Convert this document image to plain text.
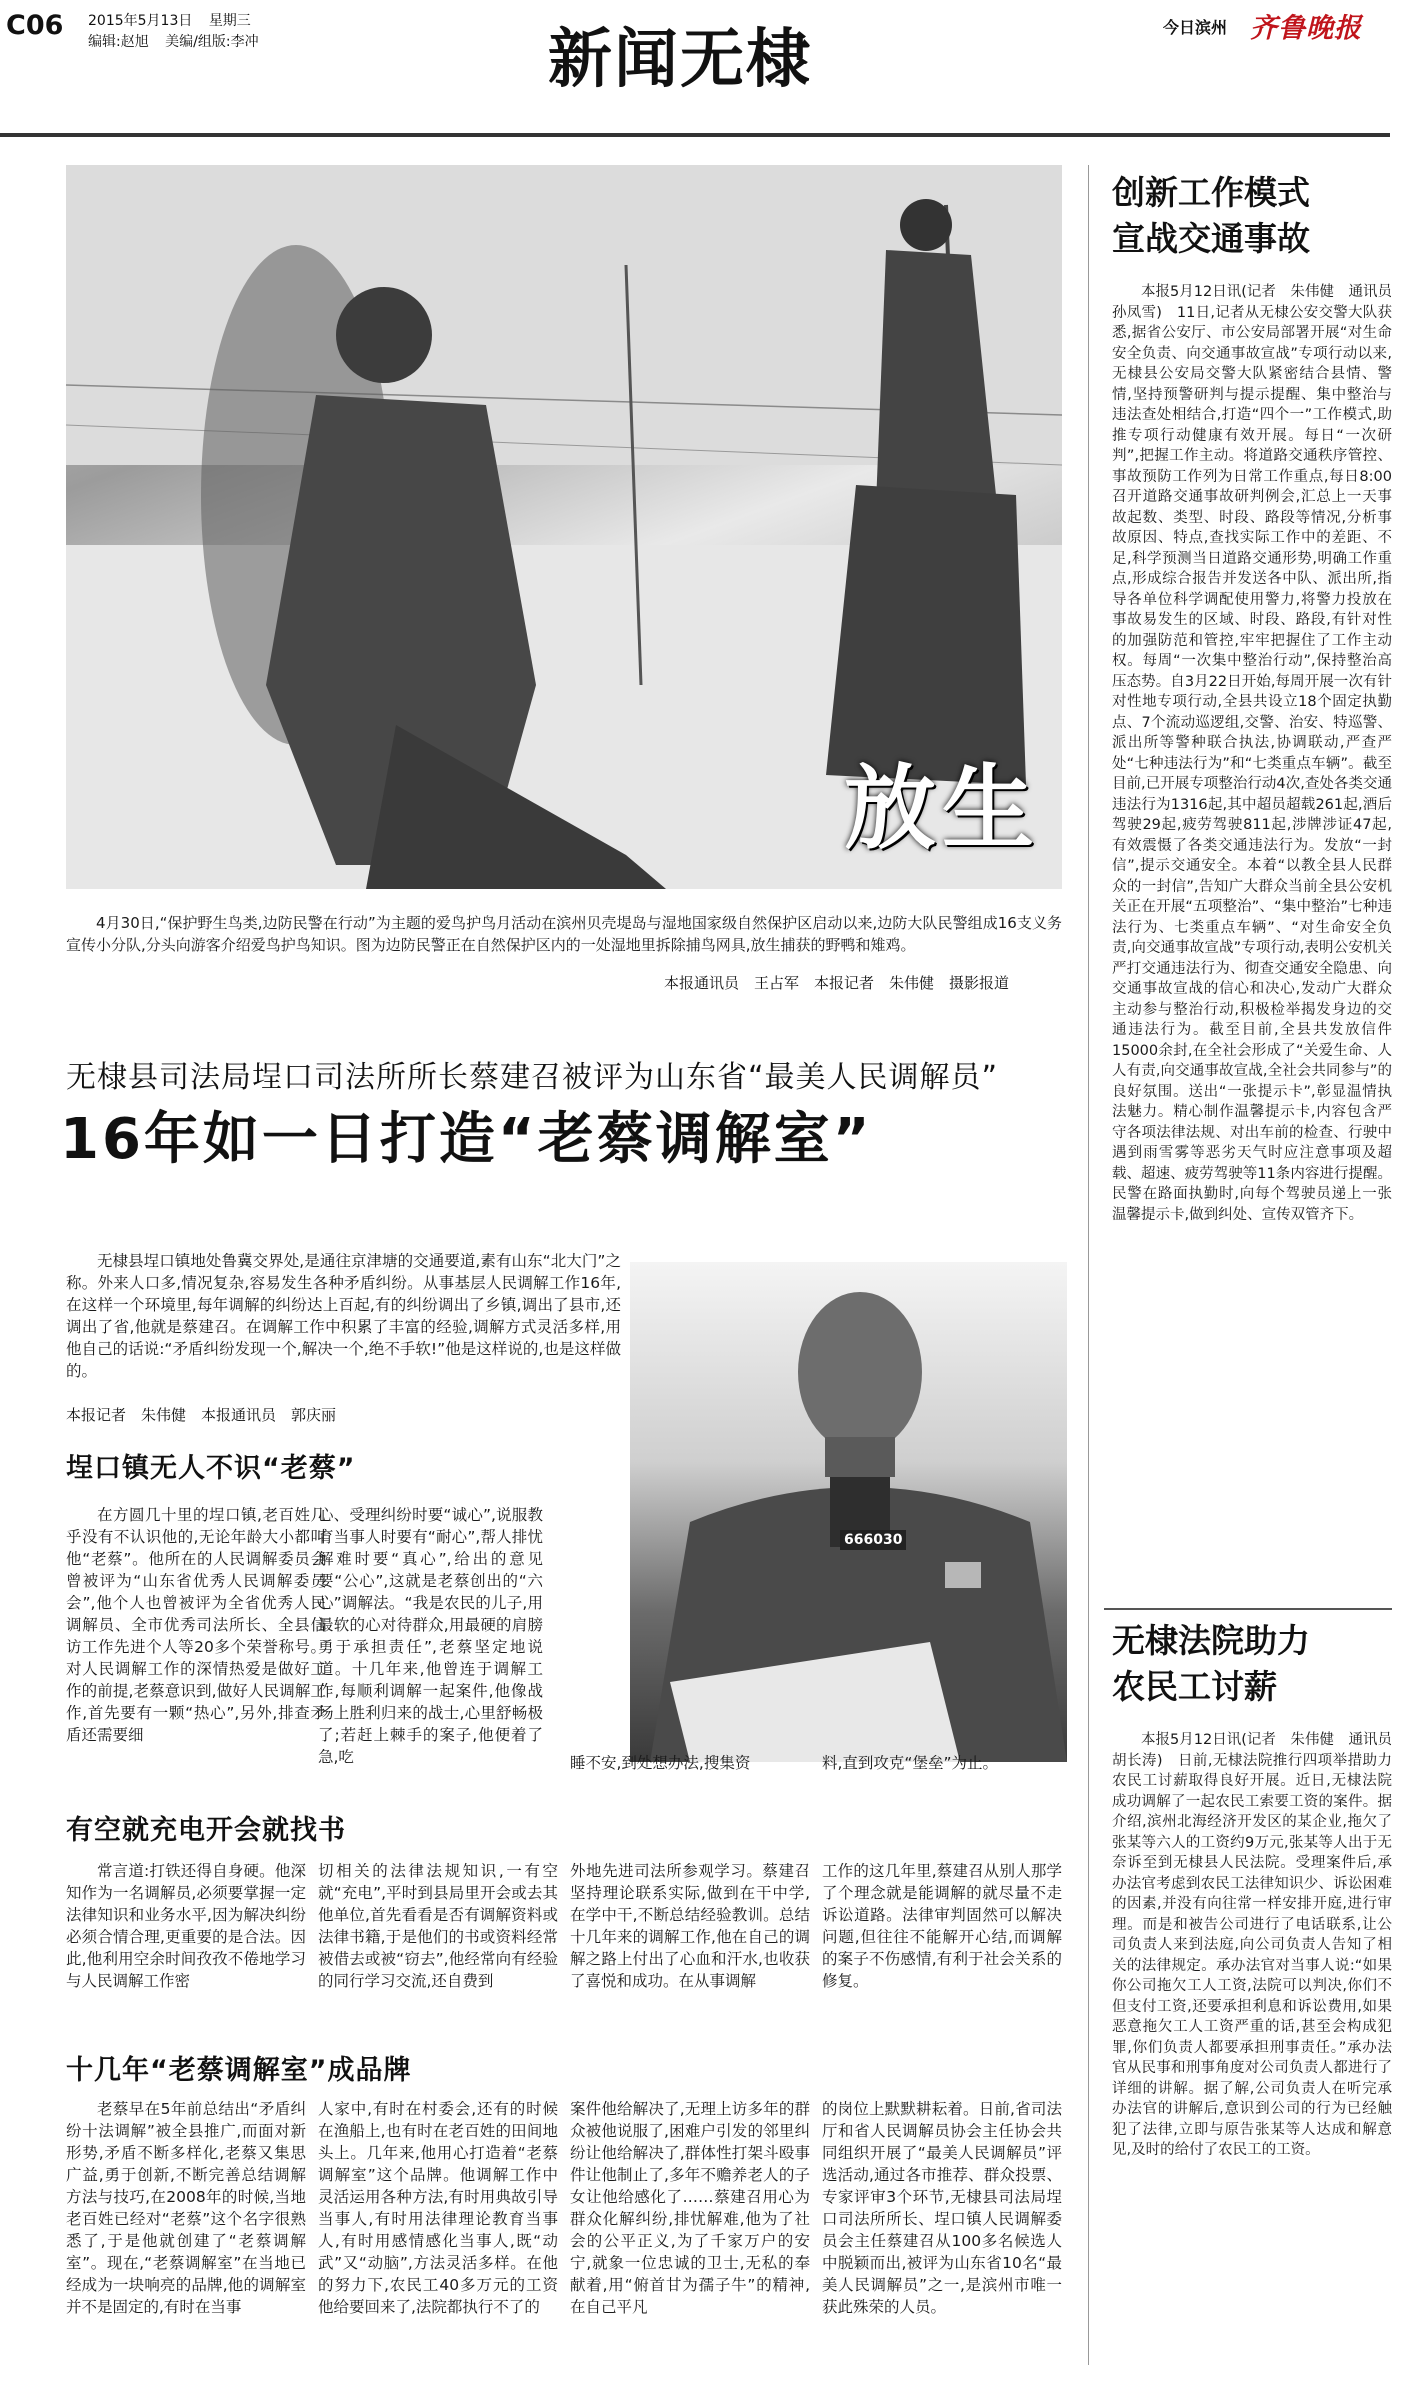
C06 2015年5月13日 星期三
编辑:赵旭 美编/组版:李冲	新闻无棣	今日滨州 齐鲁晚报
放生

4月30日,“保护野生鸟类,边防民警在行动”为主题的爱鸟护鸟月活动在滨州贝壳堤岛与湿地国家级自然保护区启动以来,边防大队民警组成16支义务宣传小分队,分头向游客介绍爱鸟护鸟知识。图为边防民警正在自然保护区内的一处湿地里拆除捕鸟网具,放生捕获的野鸭和雉鸡。

本报通讯员　王占军　本报记者　朱伟健　摄影报道
无棣县司法局埕口司法所所长蔡建召被评为山东省“最美人民调解员”
16年如一日打造“老蔡调解室”

无棣县埕口镇地处鲁冀交界处,是通往京津塘的交通要道,素有山东“北大门”之称。外来人口多,情况复杂,容易发生各种矛盾纠纷。从事基层人民调解工作16年,在这样一个环境里,每年调解的纠纷达上百起,有的纠纷调出了乡镇,调出了县市,还调出了省,他就是蔡建召。在调解工作中积累了丰富的经验,调解方式灵活多样,用他自己的话说:“矛盾纠纷发现一个,解决一个,绝不手软!”他是这样说的,也是这样做的。

本报记者　朱伟健　本报通讯员　郭庆丽
666030
埕口镇无人不识“老蔡”

在方圆几十里的埕口镇,老百姓几乎没有不认识他的,无论年龄大小都叫他“老蔡”。他所在的人民调解委员会曾被评为“山东省优秀人民调解委员会”,他个人也曾被评为全省优秀人民调解员、全市优秀司法所长、全县信访工作先进个人等20多个荣誉称号。对人民调解工作的深情热爱是做好工作的前提,老蔡意识到,做好人民调解工作,首先要有一颗“热心”,另外,排查矛盾还需要细

心、受理纠纷时要“诚心”,说服教育当事人时要有“耐心”,帮人排忧解难时要“真心”,给出的意见要“公心”,这就是老蔡创出的“六心”调解法。“我是农民的儿子,用最软的心对待群众,用最硬的肩膀勇于承担责任”,老蔡坚定地说道。十几年来,他曾连于调解工作,每顺利调解一起案件,他像战场上胜利归来的战士,心里舒畅极了;若赶上棘手的案子,他便着了急,吃	睡不安,到处想办法,搜集资	料,直到攻克“堡垒”为止。

有空就充电开会就找书

常言道:打铁还得自身硬。他深知作为一名调解员,必须要掌握一定法律知识和业务水平,因为解决纠纷必须合情合理,更重要的是合法。因此,他利用空余时间孜孜不倦地学习与人民调解工作密

切相关的法律法规知识,一有空就“充电”,平时到县局里开会或去其他单位,首先看看是否有调解资料或法律书籍,于是他们的书或资料经常被借去或被“窃去”,他经常向有经验的同行学习交流,还自费到

外地先进司法所参观学习。蔡建召坚持理论联系实际,做到在干中学,在学中干,不断总结经验教训。总结十几年来的调解工作,他在自己的调解之路上付出了心血和汗水,也收获了喜悦和成功。在从事调解

工作的这几年里,蔡建召从别人那学了个理念就是能调解的就尽量不走诉讼道路。法律审判固然可以解决问题,但往往不能解开心结,而调解的案子不伤感情,有利于社会关系的修复。

十几年“老蔡调解室”成品牌

老蔡早在5年前总结出“矛盾纠纷十法调解”被全县推广,而面对新形势,矛盾不断多样化,老蔡又集思广益,勇于创新,不断完善总结调解方法与技巧,在2008年的时候,当地老百姓已经对“老蔡”这个名字很熟悉了,于是他就创建了“老蔡调解室”。现在,“老蔡调解室”在当地已经成为一块响亮的品牌,他的调解室并不是固定的,有时在当事

人家中,有时在村委会,还有的时候在渔船上,也有时在老百姓的田间地头上。几年来,他用心打造着“老蔡调解室”这个品牌。他调解工作中灵活运用各种方法,有时用典故引导当事人,有时用法律理论教育当事人,有时用感情感化当事人,既“动武”又“动脑”,方法灵活多样。在他的努力下,农民工40多万元的工资他给要回来了,法院都执行不了的

案件他给解决了,无理上访多年的群众被他说服了,困难户引发的邻里纠纷让他给解决了,群体性打架斗殴事件让他制止了,多年不赡养老人的子女让他给感化了……蔡建召用心为群众化解纠纷,排忧解难,他为了社会的公平正义,为了千家万户的安宁,就象一位忠诚的卫士,无私的奉献着,用“俯首甘为孺子牛”的精神,在自己平凡

的岗位上默默耕耘着。日前,省司法厅和省人民调解员协会主任协会共同组织开展了“最美人民调解员”评选活动,通过各市推荐、群众投票、专家评审3个环节,无棣县司法局埕口司法所所长、埕口镇人民调解委员会主任蔡建召从100多名候选人中脱颖而出,被评为山东省10名“最美人民调解员”之一,是滨州市唯一获此殊荣的人员。

创新工作模式
宣战交通事故

本报5月12日讯(记者　朱伟健　通讯员　孙凤雪)　11日,记者从无棣公安交警大队获悉,据省公安厅、市公安局部署开展“对生命安全负责、向交通事故宣战”专项行动以来,无棣县公安局交警大队紧密结合县情、警情,坚持预警研判与提示提醒、集中整治与违法查处相结合,打造“四个一”工作模式,助推专项行动健康有效开展。每日“一次研判”,把握工作主动。将道路交通秩序管控、事故预防工作列为日常工作重点,每日8:00召开道路交通事故研判例会,汇总上一天事故起数、类型、时段、路段等情况,分析事故原因、特点,查找实际工作中的差距、不足,科学预测当日道路交通形势,明确工作重点,形成综合报告并发送各中队、派出所,指导各单位科学调配使用警力,将警力投放在事故易发生的区域、时段、路段,有针对性的加强防范和管控,牢牢把握住了工作主动权。每周“一次集中整治行动”,保持整治高压态势。自3月22日开始,每周开展一次有针对性地专项行动,全县共设立18个固定执勤点、7个流动巡逻组,交警、治安、特巡警、派出所等警种联合执法,协调联动,严查严处“七种违法行为”和“七类重点车辆”。截至目前,已开展专项整治行动4次,查处各类交通违法行为1316起,其中超员超载261起,酒后驾驶29起,疲劳驾驶811起,涉牌涉证47起,有效震慑了各类交通违法行为。发放“一封信”,提示交通安全。本着“以教全县人民群众的一封信”,告知广大群众当前全县公安机关正在开展“五项整治”、“集中整治”七种违法行为、七类重点车辆”、“对生命安全负责,向交通事故宣战”专项行动,表明公安机关严打交通违法行为、彻查交通安全隐患、向交通事故宣战的信心和决心,发动广大群众主动参与整治行动,积极检举揭发身边的交通违法行为。截至目前,全县共发放信件15000余封,在全社会形成了“关爱生命、人人有责,向交通事故宣战,全社会共同参与”的良好氛围。送出“一张提示卡”,彰显温情执法魅力。精心制作温馨提示卡,内容包含严守各项法律法规、对出车前的检查、行驶中遇到雨雪雾等恶劣天气时应注意事项及超载、超速、疲劳驾驶等11条内容进行提醒。民警在路面执勤时,向每个驾驶员递上一张温馨提示卡,做到纠处、宣传双管齐下。

无棣法院助力
农民工讨薪

本报5月12日讯(记者　朱伟健　通讯员　胡长涛)　日前,无棣法院推行四项举措助力农民工讨薪取得良好开展。近日,无棣法院成功调解了一起农民工索要工资的案件。据介绍,滨州北海经济开发区的某企业,拖欠了张某等六人的工资约9万元,张某等人出于无奈诉至到无棣县人民法院。受理案件后,承办法官考虑到农民工法律知识少、诉讼困难的因素,并没有向往常一样安排开庭,进行审理。而是和被告公司进行了电话联系,让公司负责人来到法庭,向公司负责人告知了相关的法律规定。承办法官对当事人说:“如果你公司拖欠工人工资,法院可以判决,你们不但支付工资,还要承担利息和诉讼费用,如果恶意拖欠工人工资严重的话,甚至会构成犯罪,你们负责人都要承担刑事责任。”承办法官从民事和刑事角度对公司负责人都进行了详细的讲解。据了解,公司负责人在听完承办法官的讲解后,意识到公司的行为已经触犯了法律,立即与原告张某等人达成和解意见,及时的给付了农民工的工资。
